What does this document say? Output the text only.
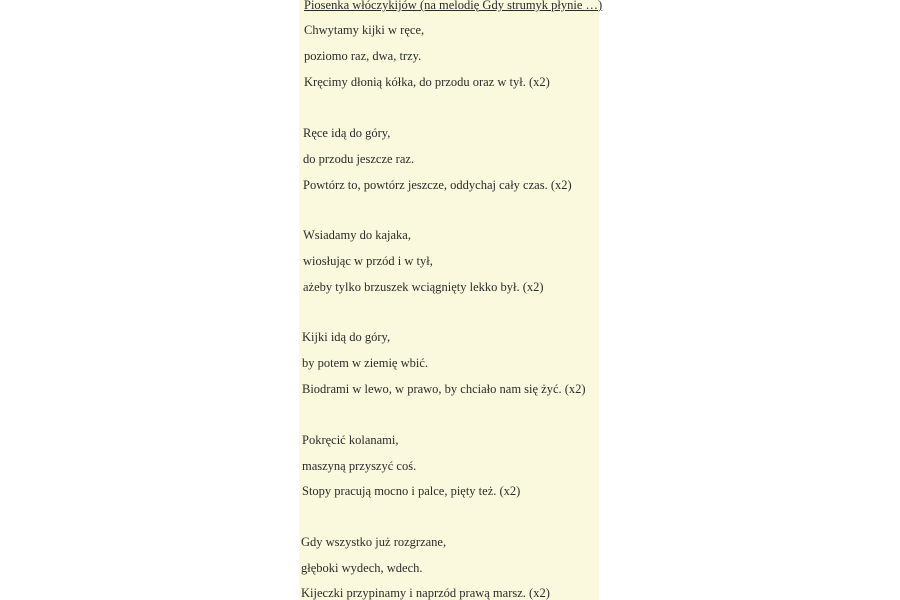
Piosenka włóczykijów (na melodię Gdy strumyk płynie …)

Chwytamy kijki w ręce,

poziomo raz, dwa, trzy.

Kręcimy dłonią kółka, do przodu oraz w tył. (x2)

Ręce idą do góry,

do przodu jeszcze raz.

Powtórz to, powtórz jeszcze, oddychaj cały czas. (x2)

Wsiadamy do kajaka,

wiosłując w przód i w tył,

ażeby tylko brzuszek wciągnięty lekko był. (x2)

Kijki idą do góry,

by potem w ziemię wbić.

Biodrami w lewo, w prawo, by chciało nam się żyć. (x2)

Pokręcić kolanami,

maszyną przyszyć coś.

Stopy pracują mocno i palce, pięty też. (x2)

Gdy wszystko już rozgrzane,

głęboki wydech, wdech.

Kijeczki przypinamy i naprzód prawą marsz. (x2)
